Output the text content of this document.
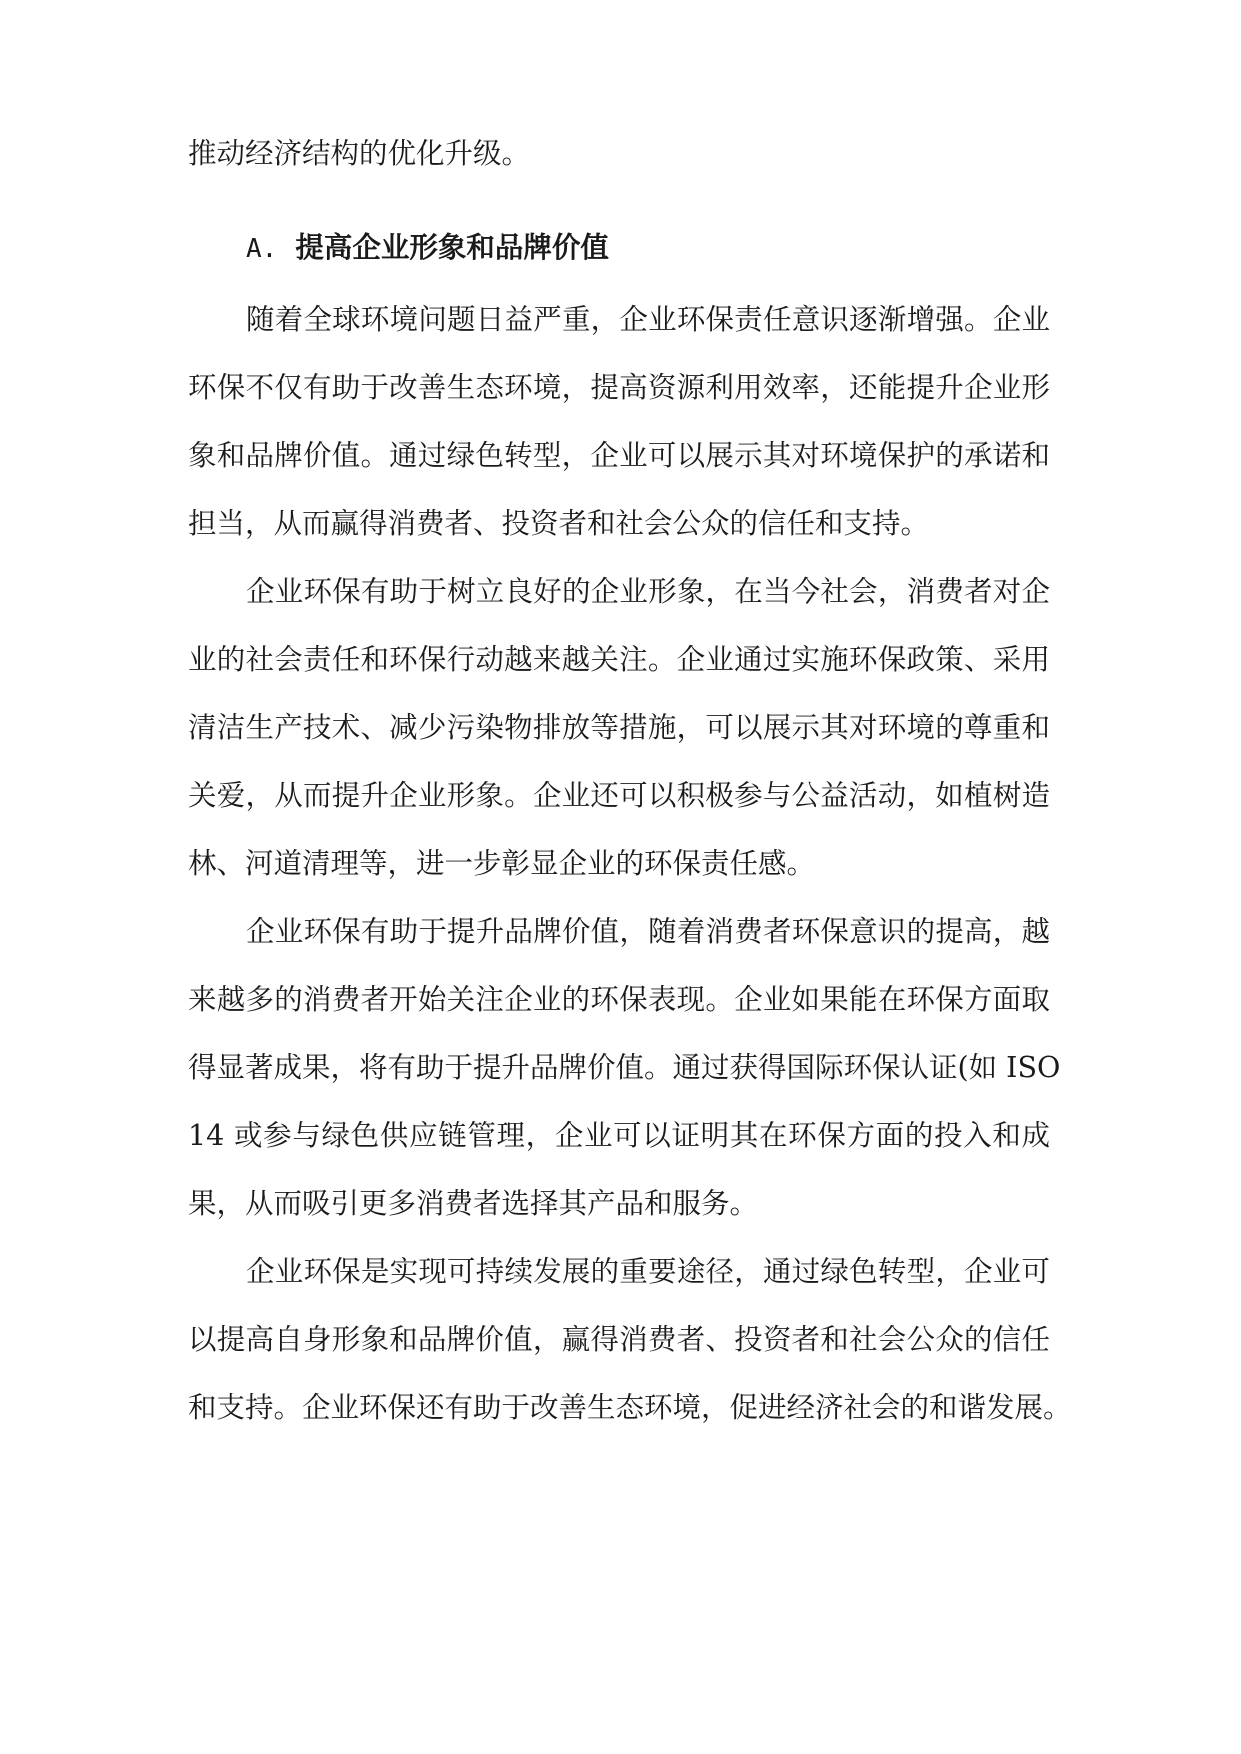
推动经济结构的优化升级。
A. 提高企业形象和品牌价值
随着全球环境问题日益严重，企业环保责任意识逐渐增强。企业
环保不仅有助于改善生态环境，提高资源利用效率，还能提升企业形
象和品牌价值。通过绿色转型，企业可以展示其对环境保护的承诺和
担当，从而赢得消费者、投资者和社会公众的信任和支持。
企业环保有助于树立良好的企业形象，在当今社会，消费者对企
业的社会责任和环保行动越来越关注。企业通过实施环保政策、采用
清洁生产技术、减少污染物排放等措施，可以展示其对环境的尊重和
关爱，从而提升企业形象。企业还可以积极参与公益活动，如植树造
林、河道清理等，进一步彰显企业的环保责任感。
企业环保有助于提升品牌价值，随着消费者环保意识的提高，越
来越多的消费者开始关注企业的环保表现。企业如果能在环保方面取
得显著成果，将有助于提升品牌价值。通过获得国际环保认证(如 ISO
14 或参与绿色供应链管理，企业可以证明其在环保方面的投入和成
果，从而吸引更多消费者选择其产品和服务。
企业环保是实现可持续发展的重要途径，通过绿色转型，企业可
以提高自身形象和品牌价值，赢得消费者、投资者和社会公众的信任
和支持。企业环保还有助于改善生态环境，促进经济社会的和谐发展。
